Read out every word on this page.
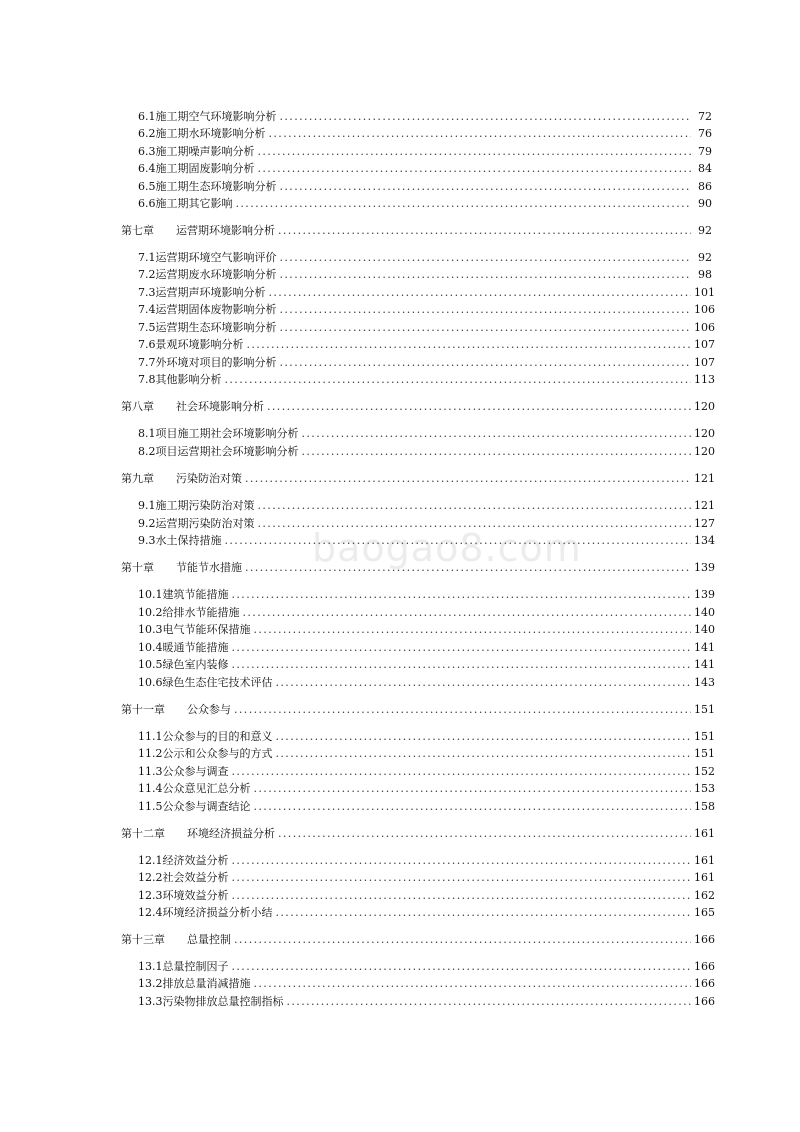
6.1 施工期空气环境影响分析 .....	72
6.2 施工期水环境影响分析 .....	76
6.3 施工期噪声影响分析 .....	79
6.4 施工期固废影响分析 .....	84
6.5 施工期生态环境影响分析 .....	86
6.6 施工期其它影响 .....	90
第七章 运营期环境影响分析 .....	92
7.1 运营期环境空气影响评价 .....	92
7.2 运营期废水环境影响分析 .....	98
7.3 运营期声环境影响分析 .....	101
7.4 运营期固体废物影响分析 .....	106
7.5 运营期生态环境影响分析 .....	106
7.6 景观环境影响分析 .....	107
7.7 外环境对项目的影响分析 .....	107
7.8 其他影响分析 .....	113
第八章 社会环境影响分析 .....	120
8.1 项目施工期社会环境影响分析 .....	120
8.2 项目运营期社会环境影响分析 .....	120
第九章 污染防治对策 .....	121
9.1 施工期污染防治对策 .....	121
9.2 运营期污染防治对策 .....	127
9.3 水土保持措施 .....	134
第十章 节能节水措施 .....	139
10.1 建筑节能措施 .....	139
10.2 给排水节能措施 .....	140
10.3 电气节能环保措施 .....	140
10.4 暖通节能措施 .....	141
10.5 绿色室内装修 .....	141
10.6 绿色生态住宅技术评估 .....	143
第十一章 公众参与 .....	151
11.1 公众参与的目的和意义 .....	151
11.2 公示和公众参与的方式 .....	151
11.3 公众参与调查 .....	152
11.4 公众意见汇总分析 .....	153
11.5 公众参与调查结论 .....	158
第十二章 环境经济损益分析 .....	161
12.1 经济效益分析 .....	161
12.2 社会效益分析 .....	161
12.3 环境效益分析 .....	162
12.4 环境经济损益分析小结 .....	165
第十三章 总量控制 .....	166
13.1 总量控制因子 .....	166
13.2 排放总量消减措施 .....	166
13.3 污染物排放总量控制指标 .....	166
baogao8.com
